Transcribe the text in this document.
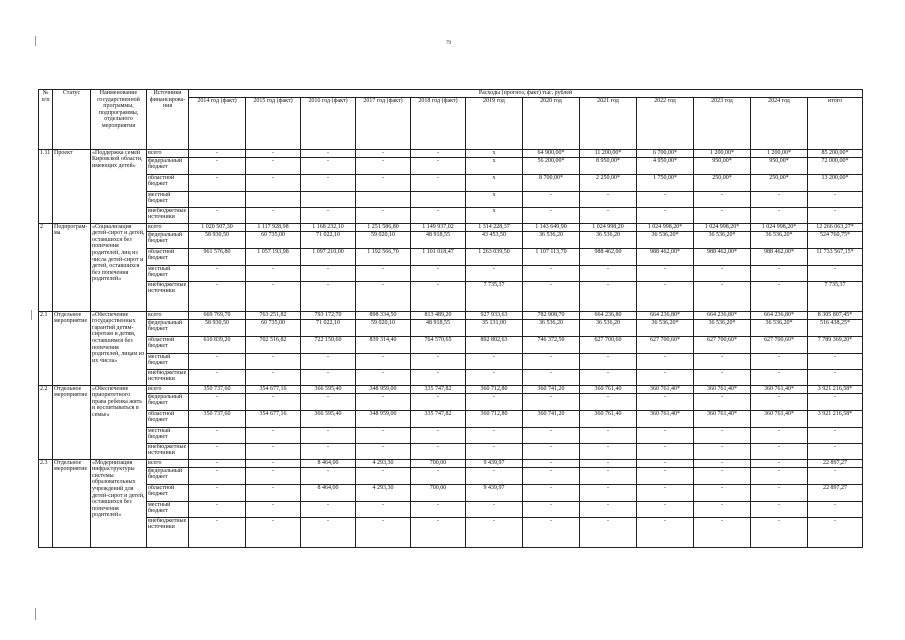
79
№ п/п	Статус	Наименование государственной программы, подпрограммы, отдельного мероприятия	Источники финансирова-ния	Расходы (прогноз, факт) тыс. рублей											
				2014 год (факт)	2015 год (факт)	2016 год (факт)	2017 год (факт)	2018 год (факт)	2019 год	2020 год	2021 год	2022 год	2023 год	2024 год	итого
1.11	Проект	«Поддержка семей Кировской области, имеющих детей»	всего	-	-	-	-	-	x	64 900,00*	11 200,00*	6 700,00*	1 200,00*	1 200,00*	85 200,00*
			федеральный бюджет	-	-	-	-	-	x	56 200,00*	8 950,00*	4 950,00*	950,00*	950,00*	72 000,00*
			областной бюджет	-	-	-	-	-	x	8 700,00*	2 250,00*	1 750,00*	250,00*	250,00*	13 200,00*
			местный бюджет						x	-	-	-	-	-	-
			внебюджетные источники	-	-	-	-	-	x	-	-	-	-	-	-
2	Подпрограм-ма	«Социализация детей-сирот и детей, оставшихся без попечения родителей, лиц из числа детей-сирот и детей, оставшихся без попечения родителей»	всего	1 020 507,30	1 117 928,98	1 168 232,10	1 251 586,80	1 149 937,02	1 314 228,37	1 143 649,90	1 024 998,20	1 024 998,20*	1 024 998,20*	1 024 998,20*	12 266 063,27*
			федеральный бюджет	58 930,50	60 735,00	71 022,10	59 020,10	48 918,55	43 453,50	36 536,20	36 536,20	36 536,20*	36 536,20*	36 536,20*	524 760,75*
			областной бюджет	961 576,80	1 057 193,98	1 097 210,00	1 192 566,70	1 101 018,47	1 263 039,50	1 107 113,70	988 462,00	988 462,00*	988 462,00*	988 462,00*	11 733 567,15*
			местный бюджет	-	-	-	-	-	-	-	-	-	-	-	-
			внебюджетные источники	-	-	-	-	-	7 735,37	-	-	-	-	-	7 735,37
2.1	Отдельное мероприятие	«Обеспечение государственных гарантий детям-сиротам и детям, оставшимся без попечения родителей, лицам из их числа»	всего	669 769,70	763 251,82	793 172,70	898 334,50	813 489,20	927 933,63	782 908,70	664 236,80	664 236,80*	664 236,80*	664 236,80*	8 305 807,45*
			федеральный бюджет	58 930,50	60 735,00	71 022,10	59 020,10	48 918,55	35 131,00	36 536,20	36 536,20	36 536,20*	36 536,20*	36 536,20*	516 438,25*
			областной бюджет	610 839,20	702 516,82	722 150,60	839 314,40	764 570,65	892 802,63	746 372,50	627 700,60	627 700,60*	627 700,60*	627 700,60*	7 789 369,20*
			местный бюджет	-	-	-	-	-	-	-	-	-	-	-	-
			внебюджетные источники	-	-	-	-	-	-	-	-	-	-	-	-
2.2	Отдельное мероприятие	«Обеспечение приоритетного права ребенка жить и воспитываться в семье»	всего	350 737,60	354 677,16	366 595,40	348 959,00	335 747,82	360 712,80	360 741,20	360 761,40	360 761,40*	360 761,40*	360 761,40*	3 921 216,58*
			федеральный бюджет	-	-	-	-	-	-	-	-	-	-	-	-
			областной бюджет	350 737,60	354 677,16	366 595,40	348 959,00	335 747,82	360 712,80	360 741,20	360 761,40	360 761,40*	360 761,40*	360 761,40*	3 921 216,58*
			местный бюджет	-	-	-	-	-	-	-	-	-	-	-	-
			внебюджетные источники	-	-	-	-	-	-	-	-	-	-	-	-
2.3	Отдельное мероприятие	«Модернизация инфраструктуры системы образовательных учреждений для детей-сирот и детей, оставшихся без попечения родителей»	всего	-	-	8 464,00	4 293,30	700,00	9 439,97	-	-	-	-	-	22 897,27
			федеральный бюджет	-	-	-	-	-	-	-	-	-	-	-	-
			областной бюджет	-	-	8 464,00	4 293,30	700,00	9 439,97	-	-	-	-	-	22 897,27
			местный бюджет	-	-	-	-	-	-	-	-	-	-	-	-
			внебюджетные источники	-	-	-	-	-	-	-	-	-	-	-	-
